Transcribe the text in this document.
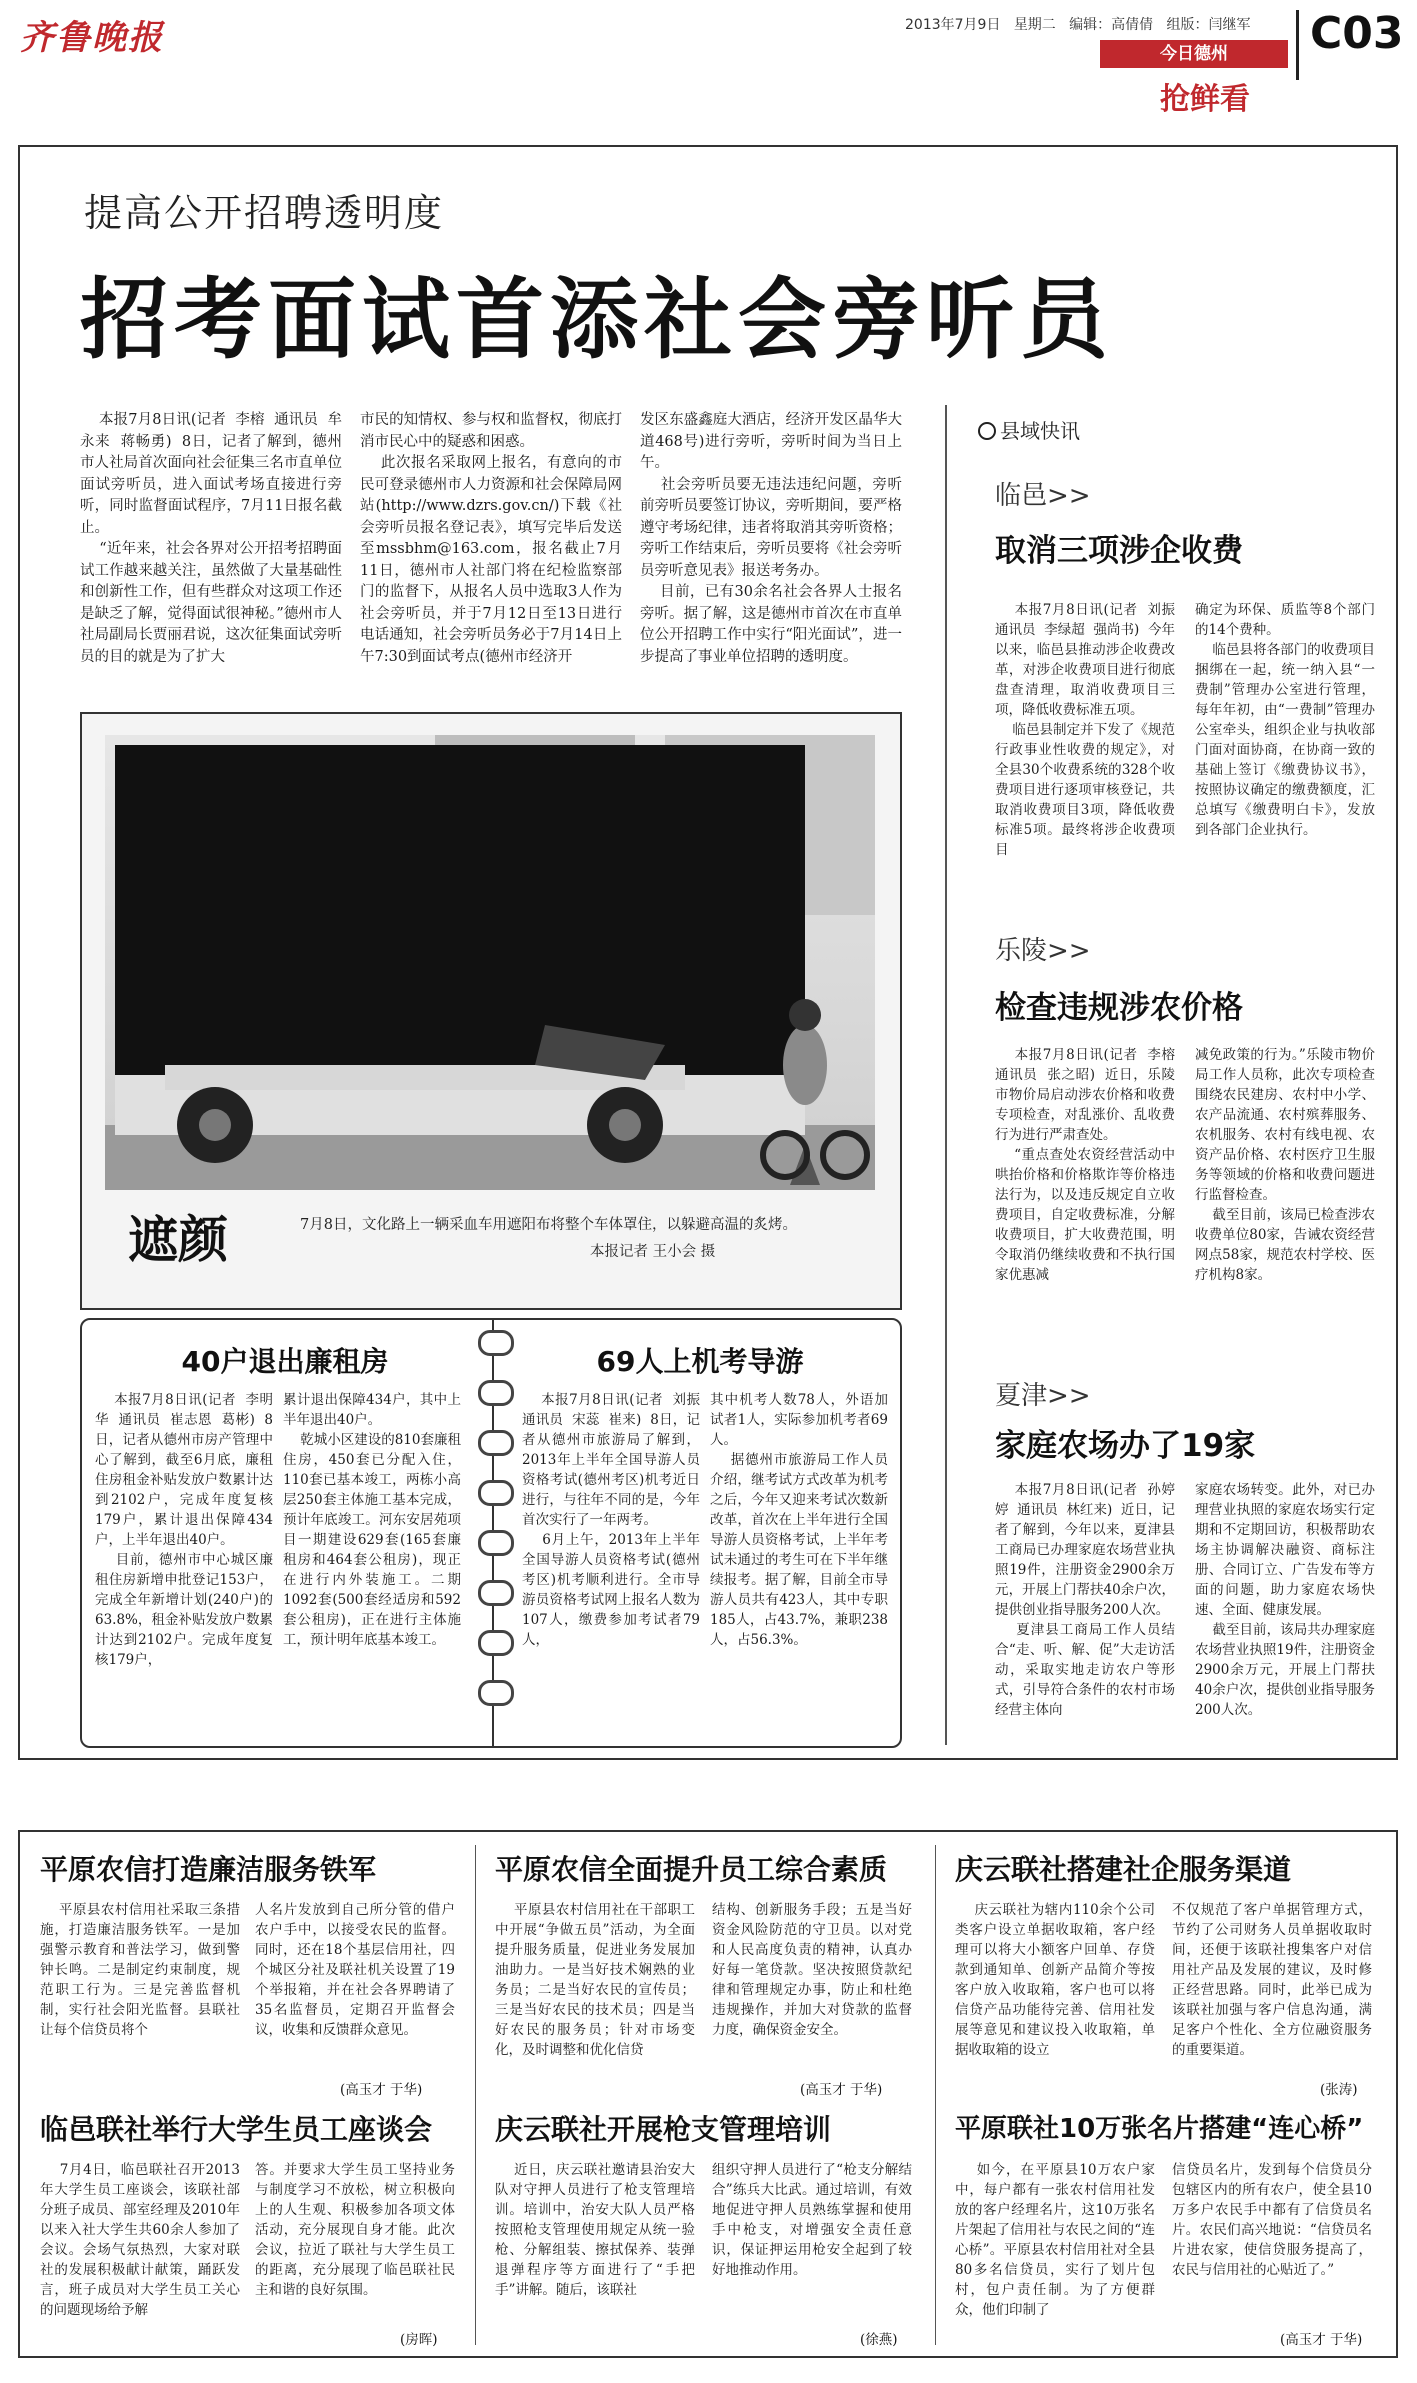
齐鲁晚报	2013年7月9日 星期二 编辑：高倩倩 组版：闫继军 C03
今日德州
抢鲜看
提高公开招聘透明度
招考面试首添社会旁听员
本报7月8日讯(记者  李榕  通讯员  牟永来  蒋畅勇)  8日，记者了解到，德州市人社局首次面向社会征集三名市直单位面试旁听员，进入面试考场直接进行旁听，同时监督面试程序，7月11日报名截止。
“近年来，社会各界对公开招考招聘面试工作越来越关注，虽然做了大量基础性和创新性工作，但有些群众对这项工作还是缺乏了解，觉得面试很神秘。”德州市人社局副局长贾丽君说，这次征集面试旁听员的目的就是为了扩大
市民的知情权、参与权和监督权，彻底打消市民心中的疑惑和困惑。
此次报名采取网上报名，有意向的市民可登录德州市人力资源和社会保障局网站(http://www.dzrs.gov.cn/)下载《社会旁听员报名登记表》，填写完毕后发送至mssbhm@163.com，报名截止7月11日，德州市人社部门将在纪检监察部门的监督下，从报名人员中选取3人作为社会旁听员，并于7月12日至13日进行电话通知，社会旁听员务必于7月14日上午7:30到面试考点(德州市经济开
发区东盛鑫庭大酒店，经济开发区晶华大道468号)进行旁听，旁听时间为当日上午。
社会旁听员要无违法违纪问题，旁听前旁听员要签订协议，旁听期间，要严格遵守考场纪律，违者将取消其旁听资格；旁听工作结束后，旁听员要将《社会旁听员旁听意见表》报送考务办。
目前，已有30余名社会各界人士报名旁听。据了解，这是德州市首次在市直单位公开招聘工作中实行“阳光面试”，进一步提高了事业单位招聘的透明度。
遮颜	7月8日，文化路上一辆采血车用遮阳布将整个车体罩住，以躲避高温的炙烤。
本报记者 王小会 摄
40户退出廉租房
本报7月8日讯(记者  李明华  通讯员  崔志恩  葛彬)  8日，记者从德州市房产管理中心了解到，截至6月底，廉租住房租金补贴发放户数累计达到2102户，完成年度复核179户，累计退出保障434户，上半年退出40户。
目前，德州市中心城区廉租住房新增申批登记153户，完成全年新增计划(240户)的63.8%，租金补贴发放户数累计达到2102户。完成年度复核179户，
累计退出保障434户，其中上半年退出40户。
乾城小区建设的810套廉租住房，450套已分配入住，110套已基本竣工，两栋小高层250套主体施工基本完成，预计年底竣工。河东安居苑项目一期建设629套(165套廉租房和464套公租房)，现正在进行内外装施工。二期1092套(500套经适房和592套公租房)，正在进行主体施工，预计明年底基本竣工。
69人上机考导游
本报7月8日讯(记者  刘振  通讯员  宋蕊  崔来)  8日，记者从德州市旅游局了解到，2013年上半年全国导游人员资格考试(德州考区)机考近日进行，与往年不同的是，今年首次实行了一年两考。
6月上午，2013年上半年全国导游人员资格考试(德州考区)机考顺利进行。全市导游员资格考试网上报名人数为107人，缴费参加考试者79人，
其中机考人数78人，外语加试者1人，实际参加机考者69人。
据德州市旅游局工作人员介绍，继考试方式改革为机考之后，今年又迎来考试次数新改革，首次在上半年进行全国导游人员资格考试，上半年考试未通过的考生可在下半年继续报考。据了解，目前全市导游人员共有423人，其中专职185人，占43.7%，兼职238人，占56.3%。
县域快讯
临邑>>
取消三项涉企收费
本报7月8日讯(记者  刘振  通讯员  李绿超  强尚书)  今年以来，临邑县推动涉企收费改革，对涉企收费项目进行彻底盘查清理，取消收费项目三项，降低收费标准五项。
临邑县制定并下发了《规范行政事业性收费的规定》，对全县30个收费系统的328个收费项目进行逐项审核登记，共取消收费项目3项，降低收费标准5项。最终将涉企收费项目
确定为环保、质监等8个部门的14个费种。
临邑县将各部门的收费项目捆绑在一起，统一纳入县“一费制”管理办公室进行管理，每年年初，由“一费制”管理办公室牵头，组织企业与执收部门面对面协商，在协商一致的基础上签订《缴费协议书》，按照协议确定的缴费额度，汇总填写《缴费明白卡》，发放到各部门企业执行。
乐陵>>
检查违规涉农价格
本报7月8日讯(记者  李榕  通讯员  张之昭)  近日，乐陵市物价局启动涉农价格和收费专项检查，对乱涨价、乱收费行为进行严肃查处。
“重点查处农资经营活动中哄抬价格和价格欺诈等价格违法行为，以及违反规定自立收费项目，自定收费标准，分解收费项目，扩大收费范围，明令取消仍继续收费和不执行国家优惠减
减免政策的行为。”乐陵市物价局工作人员称，此次专项检查围绕农民建房、农村中小学、农产品流通、农村殡葬服务、农机服务、农村有线电视、农资产品价格、农村医疗卫生服务等领域的价格和收费问题进行监督检查。
截至目前，该局已检查涉农收费单位80家，告诫农资经营网点58家，规范农村学校、医疗机构8家。
夏津>>
家庭农场办了19家
本报7月8日讯(记者  孙婷婷  通讯员  林红来)  近日，记者了解到，今年以来，夏津县工商局已办理家庭农场营业执照19件，注册资金2900余万元，开展上门帮扶40余户次，提供创业指导服务200人次。
夏津县工商局工作人员结合“走、听、解、促”大走访活动，采取实地走访农户等形式，引导符合条件的农村市场经营主体向
家庭农场转变。此外，对已办理营业执照的家庭农场实行定期和不定期回访，积极帮助农场主协调解决融资、商标注册、合同订立、广告发布等方面的问题，助力家庭农场快速、全面、健康发展。
截至目前，该局共办理家庭农场营业执照19件，注册资金2900余万元，开展上门帮扶40余户次，提供创业指导服务200人次。
平原农信打造廉洁服务铁军
平原县农村信用社采取三条措施，打造廉洁服务铁军。一是加强警示教育和普法学习，做到警钟长鸣。二是制定约束制度，规范职工行为。三是完善监督机制，实行社会阳光监督。县联社让每个信贷员将个
人名片发放到自己所分管的借户农户手中，以接受农民的监督。同时，还在18个基层信用社，四个城区分社及联社机关设置了19个举报箱，并在社会各界聘请了35名监督员，定期召开监督会议，收集和反馈群众意见。
(高玉才 于华)
平原农信全面提升员工综合素质
平原县农村信用社在干部职工中开展“争做五员”活动，为全面提升服务质量，促进业务发展加油助力。一是当好技术娴熟的业务员；二是当好农民的宣传员；三是当好农民的技术员；四是当好农民的服务员；针对市场变化，及时调整和优化信贷
结构、创新服务手段；五是当好资金风险防范的守卫员。以对党和人民高度负责的精神，认真办好每一笔贷款。坚决按照贷款纪律和管理规定办事，防止和杜绝违规操作，并加大对贷款的监督力度，确保资金安全。
(高玉才 于华)
庆云联社搭建社企服务渠道
庆云联社为辖内110余个公司类客户设立单据收取箱，客户经理可以将大小额客户回单、存贷款到通知单、创新产品简介等按客户放入收取箱，客户也可以将信贷产品功能待完善、信用社发展等意见和建议投入收取箱，单据收取箱的设立
不仅规范了客户单据管理方式，节约了公司财务人员单据收取时间，还便于该联社搜集客户对信用社产品及发展的建议，及时修正经营思路。同时，此举已成为该联社加强与客户信息沟通，满足客户个性化、全方位融资服务的重要渠道。
(张涛)
临邑联社举行大学生员工座谈会
7月4日，临邑联社召开2013年大学生员工座谈会，该联社部分班子成员、部室经理及2010年以来入社大学生共60余人参加了会议。会场气氛热烈，大家对联社的发展积极献计献策，踊跃发言，班子成员对大学生员工关心的问题现场给予解
答。并要求大学生员工坚持业务与制度学习不放松，树立积极向上的人生观、积极参加各项文体活动，充分展现自身才能。此次会议，拉近了联社与大学生员工的距离，充分展现了临邑联社民主和谐的良好氛围。
(房晖)
庆云联社开展枪支管理培训
近日，庆云联社邀请县治安大队对守押人员进行了枪支管理培训。培训中，治安大队人员严格按照枪支管理使用规定从统一验枪、分解组装、擦拭保养、装弹退弹程序等方面进行了“手把手”讲解。随后，该联社
组织守押人员进行了“枪支分解结合”练兵大比武。通过培训，有效地促进守押人员熟练掌握和使用手中枪支，对增强安全责任意识，保证押运用枪安全起到了较好地推动作用。
(徐燕)
平原联社10万张名片搭建“连心桥”
如今，在平原县10万农户家中，每户都有一张农村信用社发放的客户经理名片，这10万张名片架起了信用社与农民之间的“连心桥”。平原县农村信用社对全县80多名信贷员，实行了划片包村，包户责任制。为了方便群众，他们印制了
信贷员名片，发到每个信贷员分包辖区内的所有农户，使全县10万多户农民手中都有了信贷员名片。农民们高兴地说：“信贷员名片进农家，使信贷服务提高了，农民与信用社的心贴近了。”
(高玉才 于华)
